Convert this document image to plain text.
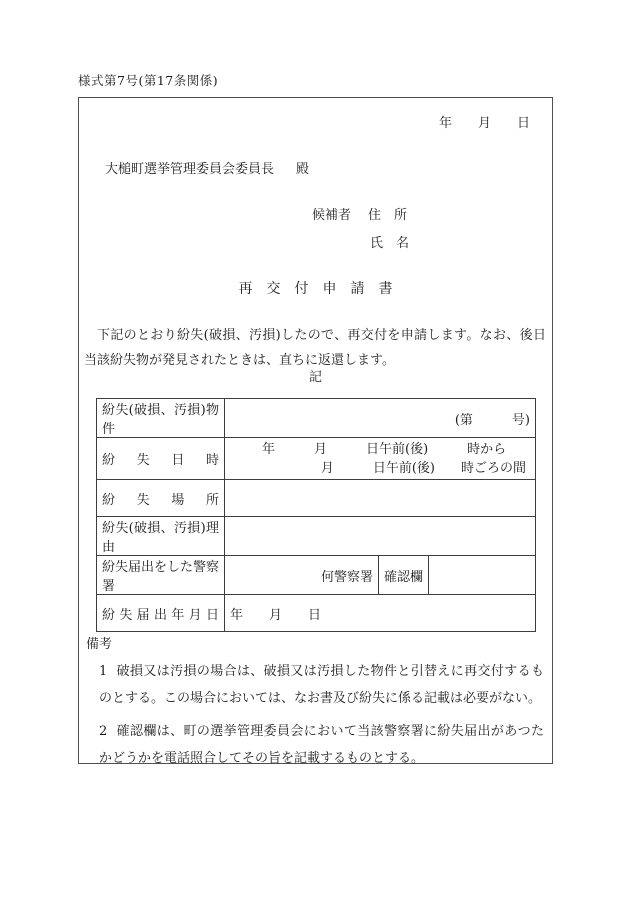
様式第7号(第17条関係)
年　　月　　日
大槌町選挙管理委員会委員長 殿
候補者 住　所
氏　名
再　交　付　申　請　書
下記のとおり紛失(破損、汚損)したので、再交付を申請します。なお、後日当該紛失物が発見されたときは、直ちに返還します。
記
紛失(破損、汚損)物件	(第　　　号)		
紛失日時	年　　　月　　　日午前(後)　　　時から
月　　　日午前(後)　　時ごろの間		

紛失場所			
紛失(破損、汚損)理由			
紛失届出をした警察署	何警察署	確認欄	
紛失届出年月日	年　　月　　日		

備考

1 破損又は汚損の場合は、破損又は汚損した物件と引替えに再交付するものとする。この場合においては、なお書及び紛失に係る記載は必要がない。

2 確認欄は、町の選挙管理委員会において当該警察署に紛失届出があつたかどうかを電話照合してその旨を記載するものとする。
